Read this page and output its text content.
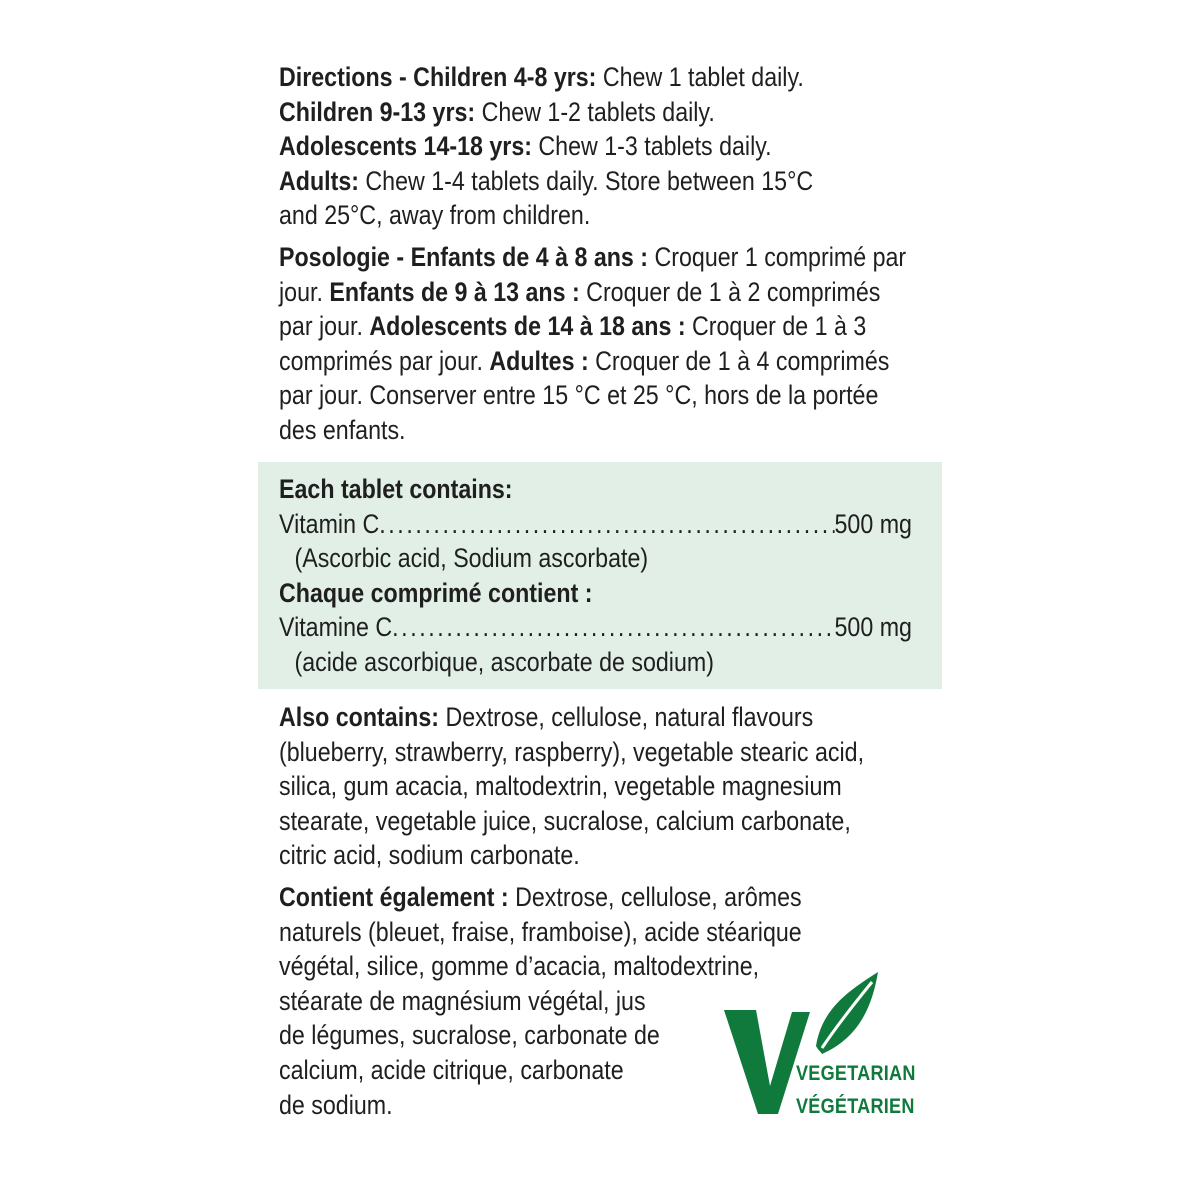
Directions - Children 4-8 yrs: Chew 1 tablet daily.
Children 9-13 yrs: Chew 1-2 tablets daily.
Adolescents 14-18 yrs: Chew 1-3 tablets daily.
Adults: Chew 1-4 tablets daily. Store between 15°C and 25°C, away from children.
Posologie - Enfants de 4 à 8 ans : Croquer 1 comprimé par jour. Enfants de 9 à 13 ans : Croquer de 1 à 2 comprimés par jour. Adolescents de 14 à 18 ans : Croquer de 1 à 3 comprimés par jour. Adultes : Croquer de 1 à 4 comprimés par jour. Conserver entre 15 °C et 25 °C, hors de la portée des enfants.
Each tablet contains:
Vitamin C .....	500 mg
(Ascorbic acid, Sodium ascorbate)
Chaque comprimé contient :
Vitamine C .....	500 mg
(acide ascorbique, ascorbate de sodium)
Also contains: Dextrose, cellulose, natural flavours (blueberry, strawberry, raspberry), vegetable stearic acid, silica, gum acacia, maltodextrin, vegetable magnesium stearate, vegetable juice, sucralose, calcium carbonate, citric acid, sodium carbonate.
Contient également : Dextrose, cellulose, arômes
naturels (bleuet, fraise, framboise), acide stéarique
végétal, silice, gomme d’acacia, maltodextrine,
stéarate de magnésium végétal, jus
de légumes, sucralose, carbonate de
calcium, acide citrique, carbonate
de sodium.
VEGETARIAN
VÉGÉTARIEN
